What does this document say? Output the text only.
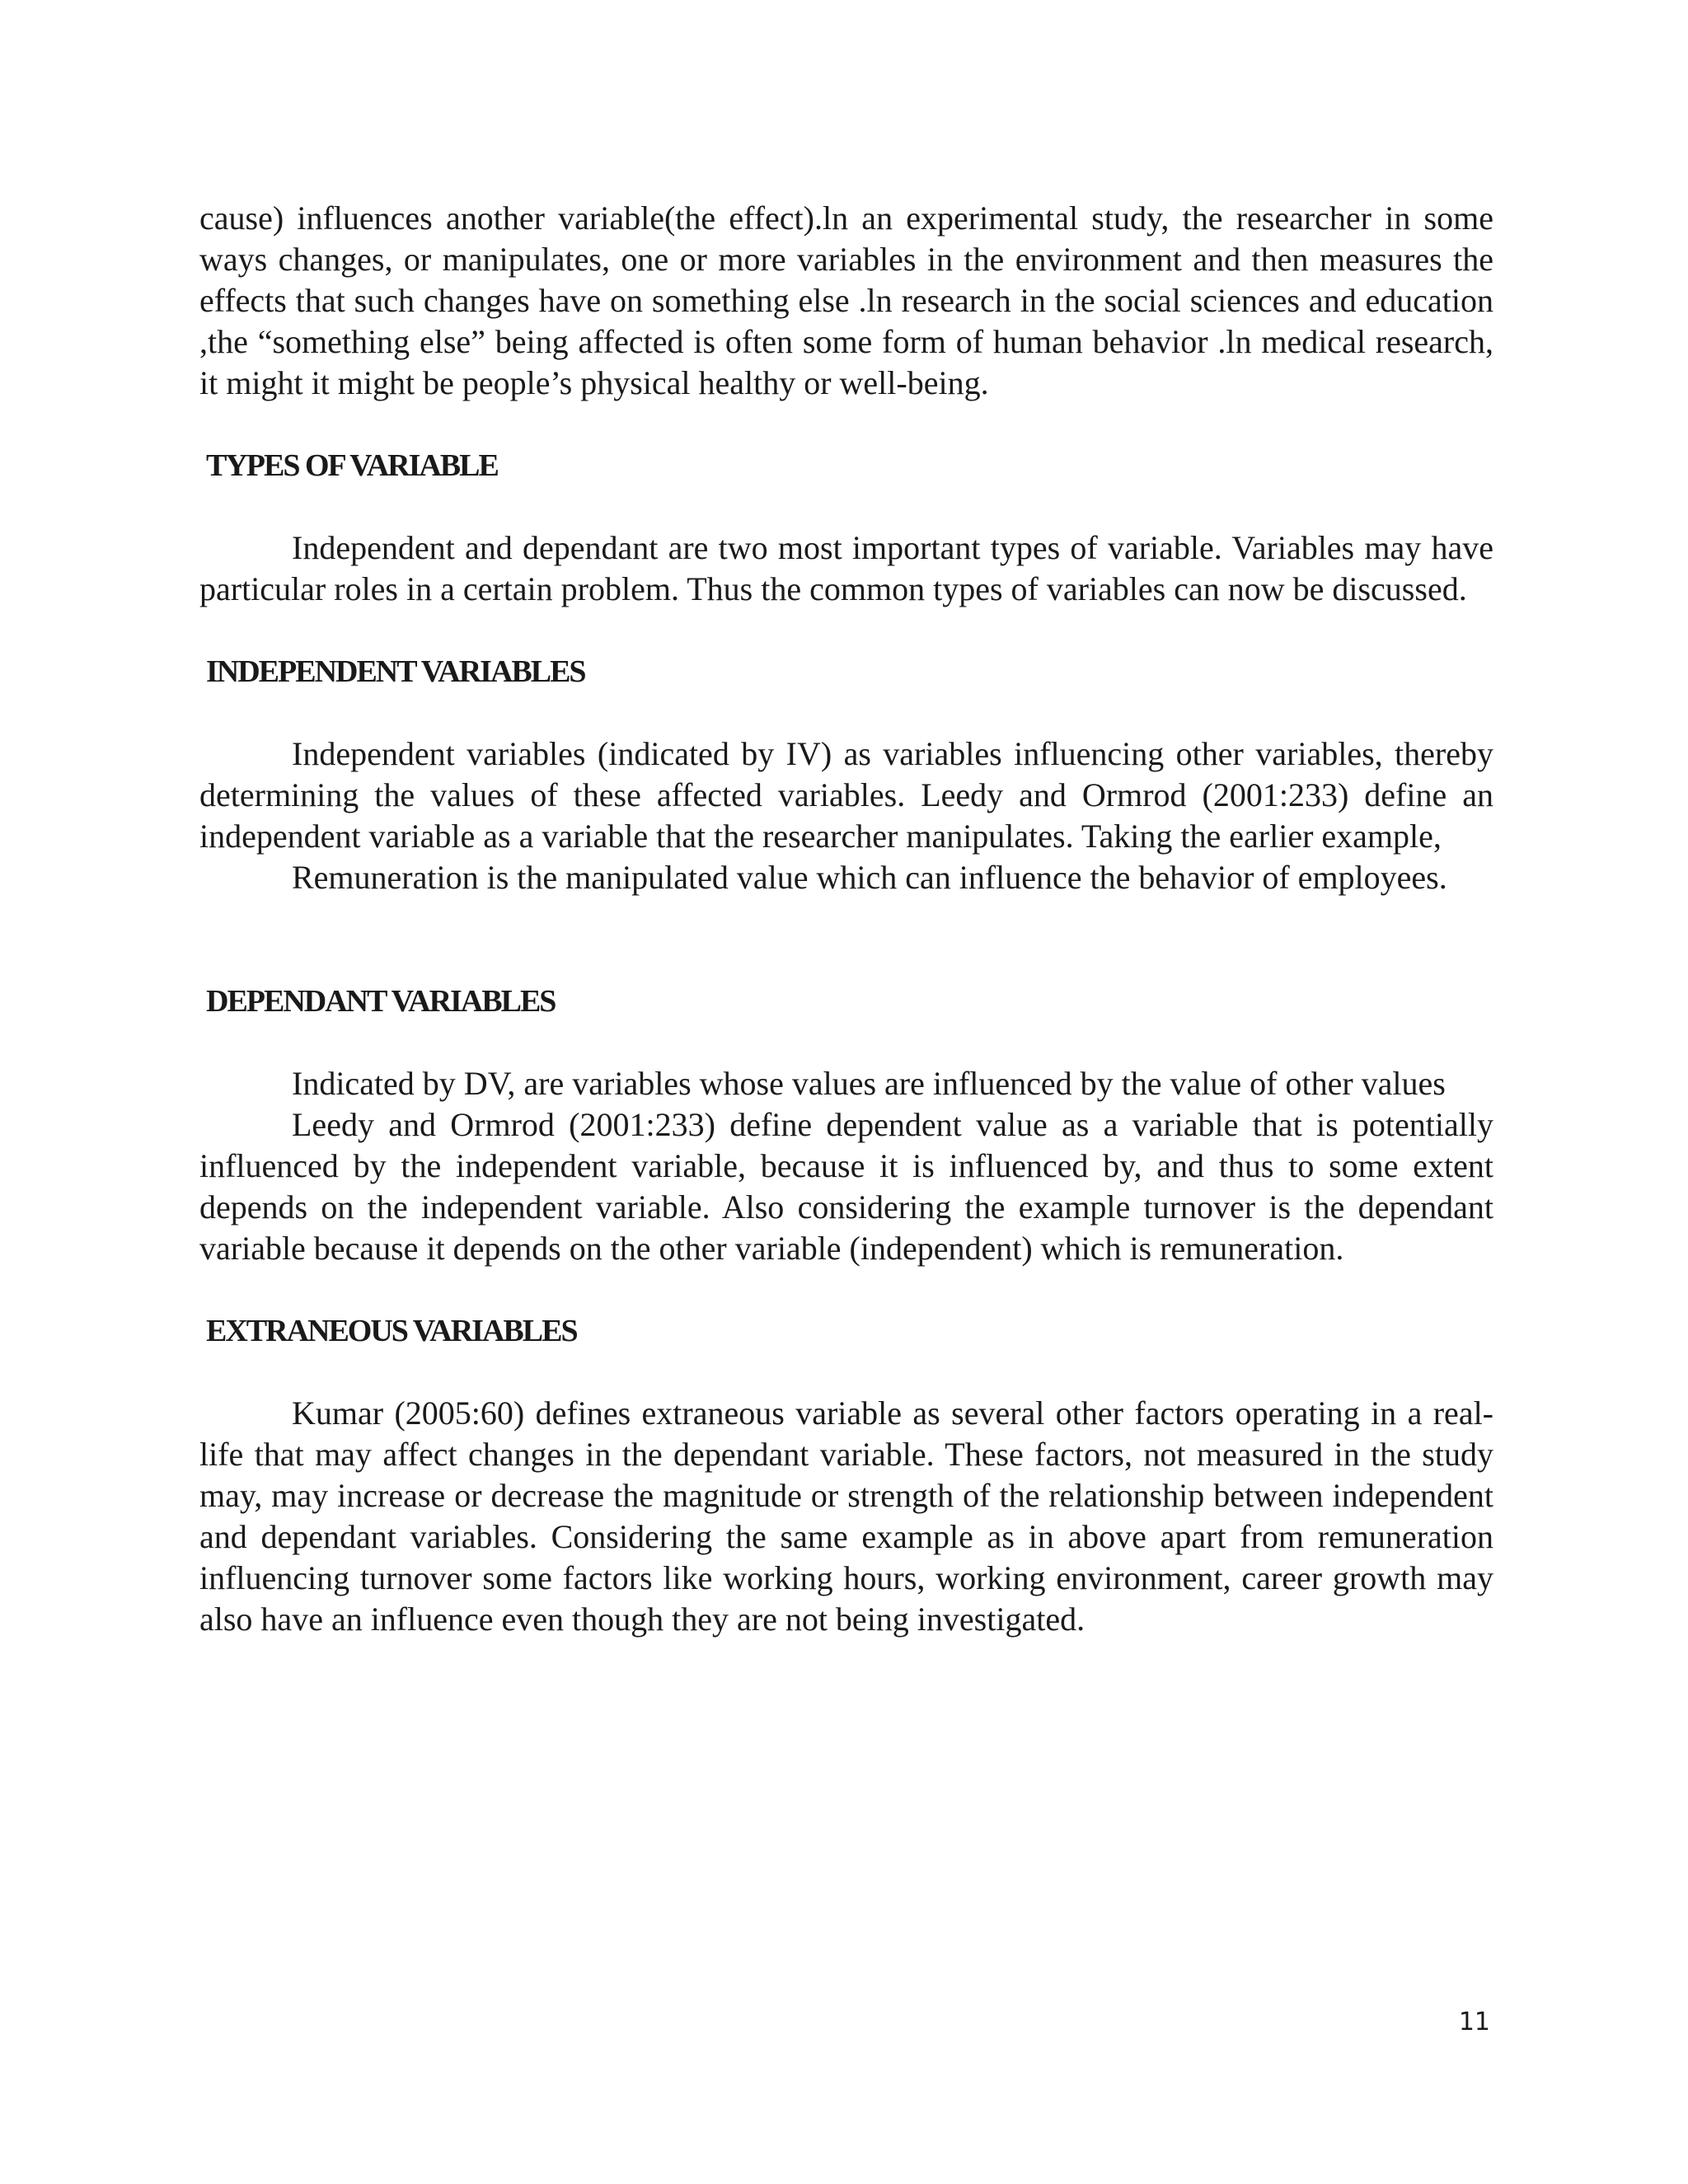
cause) influences another variable(the effect).ln an experimental study, the researcher in some ways changes, or manipulates, one or more variables in the environment and then measures the effects that such changes have on something else .ln research in the social sciences and education ,the “something else” being affected is often some form of human behavior .ln medical research, it might it might be people’s physical healthy or well-being.

TYPES OF VARIABLE

Independent and dependant are two most important types of variable. Variables may have particular roles in a certain problem. Thus the common types of variables can now be discussed.

INDEPENDENT VARIABLES

Independent variables (indicated by IV) as variables influencing other variables, thereby determining the values of these affected variables. Leedy and Ormrod (2001:233) define an independent variable as a variable that the researcher manipulates. Taking the earlier example,

Remuneration is the manipulated value which can influence the behavior of employees.

DEPENDANT VARIABLES

Indicated by DV, are variables whose values are influenced by the value of other values

Leedy and Ormrod (2001:233) define dependent value as a variable that is potentially influenced by the independent variable, because it is influenced by, and thus to some extent depends on the independent variable. Also considering the example turnover is the dependant variable because it depends on the other variable (independent) which is remuneration.

EXTRANEOUS VARIABLES

Kumar (2005:60) defines extraneous variable as several other factors operating in a real-life that may affect changes in the dependant variable. These factors, not measured in the study may, may increase or decrease the magnitude or strength of the relationship between independent and dependant variables. Considering the same example as in above apart from remuneration influencing turnover some factors like working hours, working environment, career growth may also have an influence even though they are not being investigated.

11
